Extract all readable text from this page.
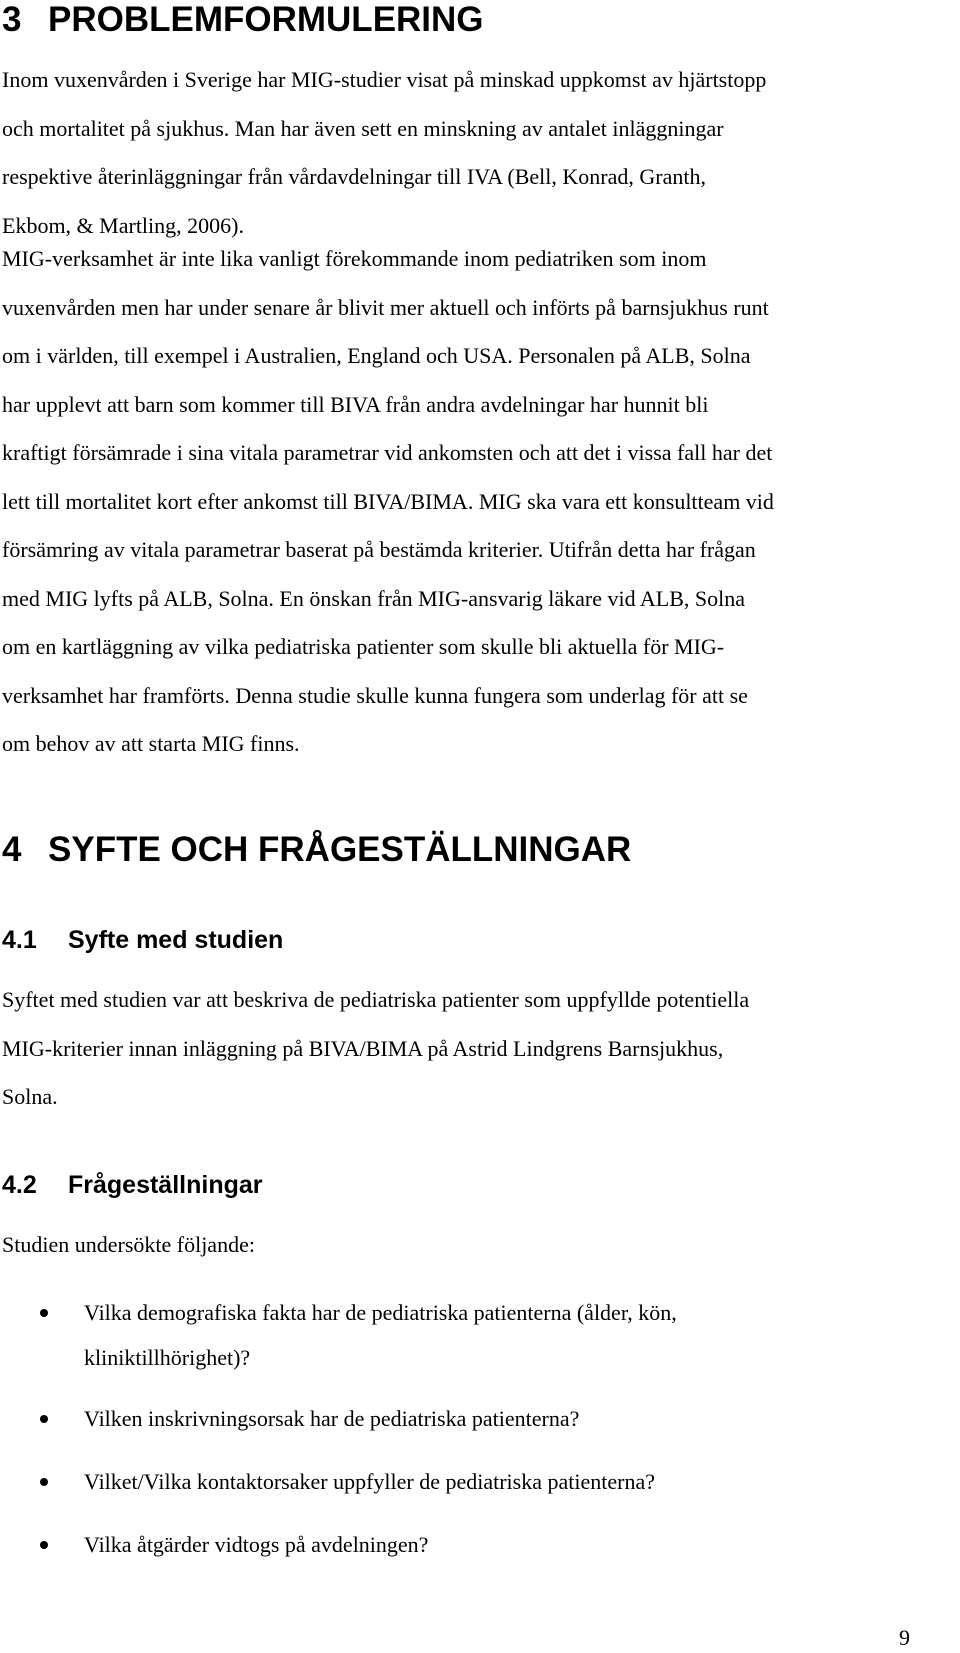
3 PROBLEMFORMULERING
Inom vuxenvården i Sverige har MIG-studier visat på minskad uppkomst av hjärtstopp
och mortalitet på sjukhus. Man har även sett en minskning av antalet inläggningar
respektive återinläggningar från vårdavdelningar till IVA (Bell, Konrad, Granth,
Ekbom, & Martling, 2006).
MIG-verksamhet är inte lika vanligt förekommande inom pediatriken som inom
vuxenvården men har under senare år blivit mer aktuell och införts på barnsjukhus runt
om i världen, till exempel i Australien, England och USA. Personalen på ALB, Solna
har upplevt att barn som kommer till BIVA från andra avdelningar har hunnit bli
kraftigt försämrade i sina vitala parametrar vid ankomsten och att det i vissa fall har det
lett till mortalitet kort efter ankomst till BIVA/BIMA. MIG ska vara ett konsultteam vid
försämring av vitala parametrar baserat på bestämda kriterier. Utifrån detta har frågan
med MIG lyfts på ALB, Solna. En önskan från MIG-ansvarig läkare vid ALB, Solna
om en kartläggning av vilka pediatriska patienter som skulle bli aktuella för MIG-
verksamhet har framförts. Denna studie skulle kunna fungera som underlag för att se
om behov av att starta MIG finns.
4 SYFTE OCH FRÅGESTÄLLNINGAR
4.1 Syfte med studien
Syftet med studien var att beskriva de pediatriska patienter som uppfyllde potentiella
MIG-kriterier innan inläggning på BIVA/BIMA på Astrid Lindgrens Barnsjukhus,
Solna.
4.2 Frågeställningar
Studien undersökte följande:
Vilka demografiska fakta har de pediatriska patienterna (ålder, kön,
kliniktillhörighet)?
Vilken inskrivningsorsak har de pediatriska patienterna?
Vilket/Vilka kontaktorsaker uppfyller de pediatriska patienterna?
Vilka åtgärder vidtogs på avdelningen?
9
